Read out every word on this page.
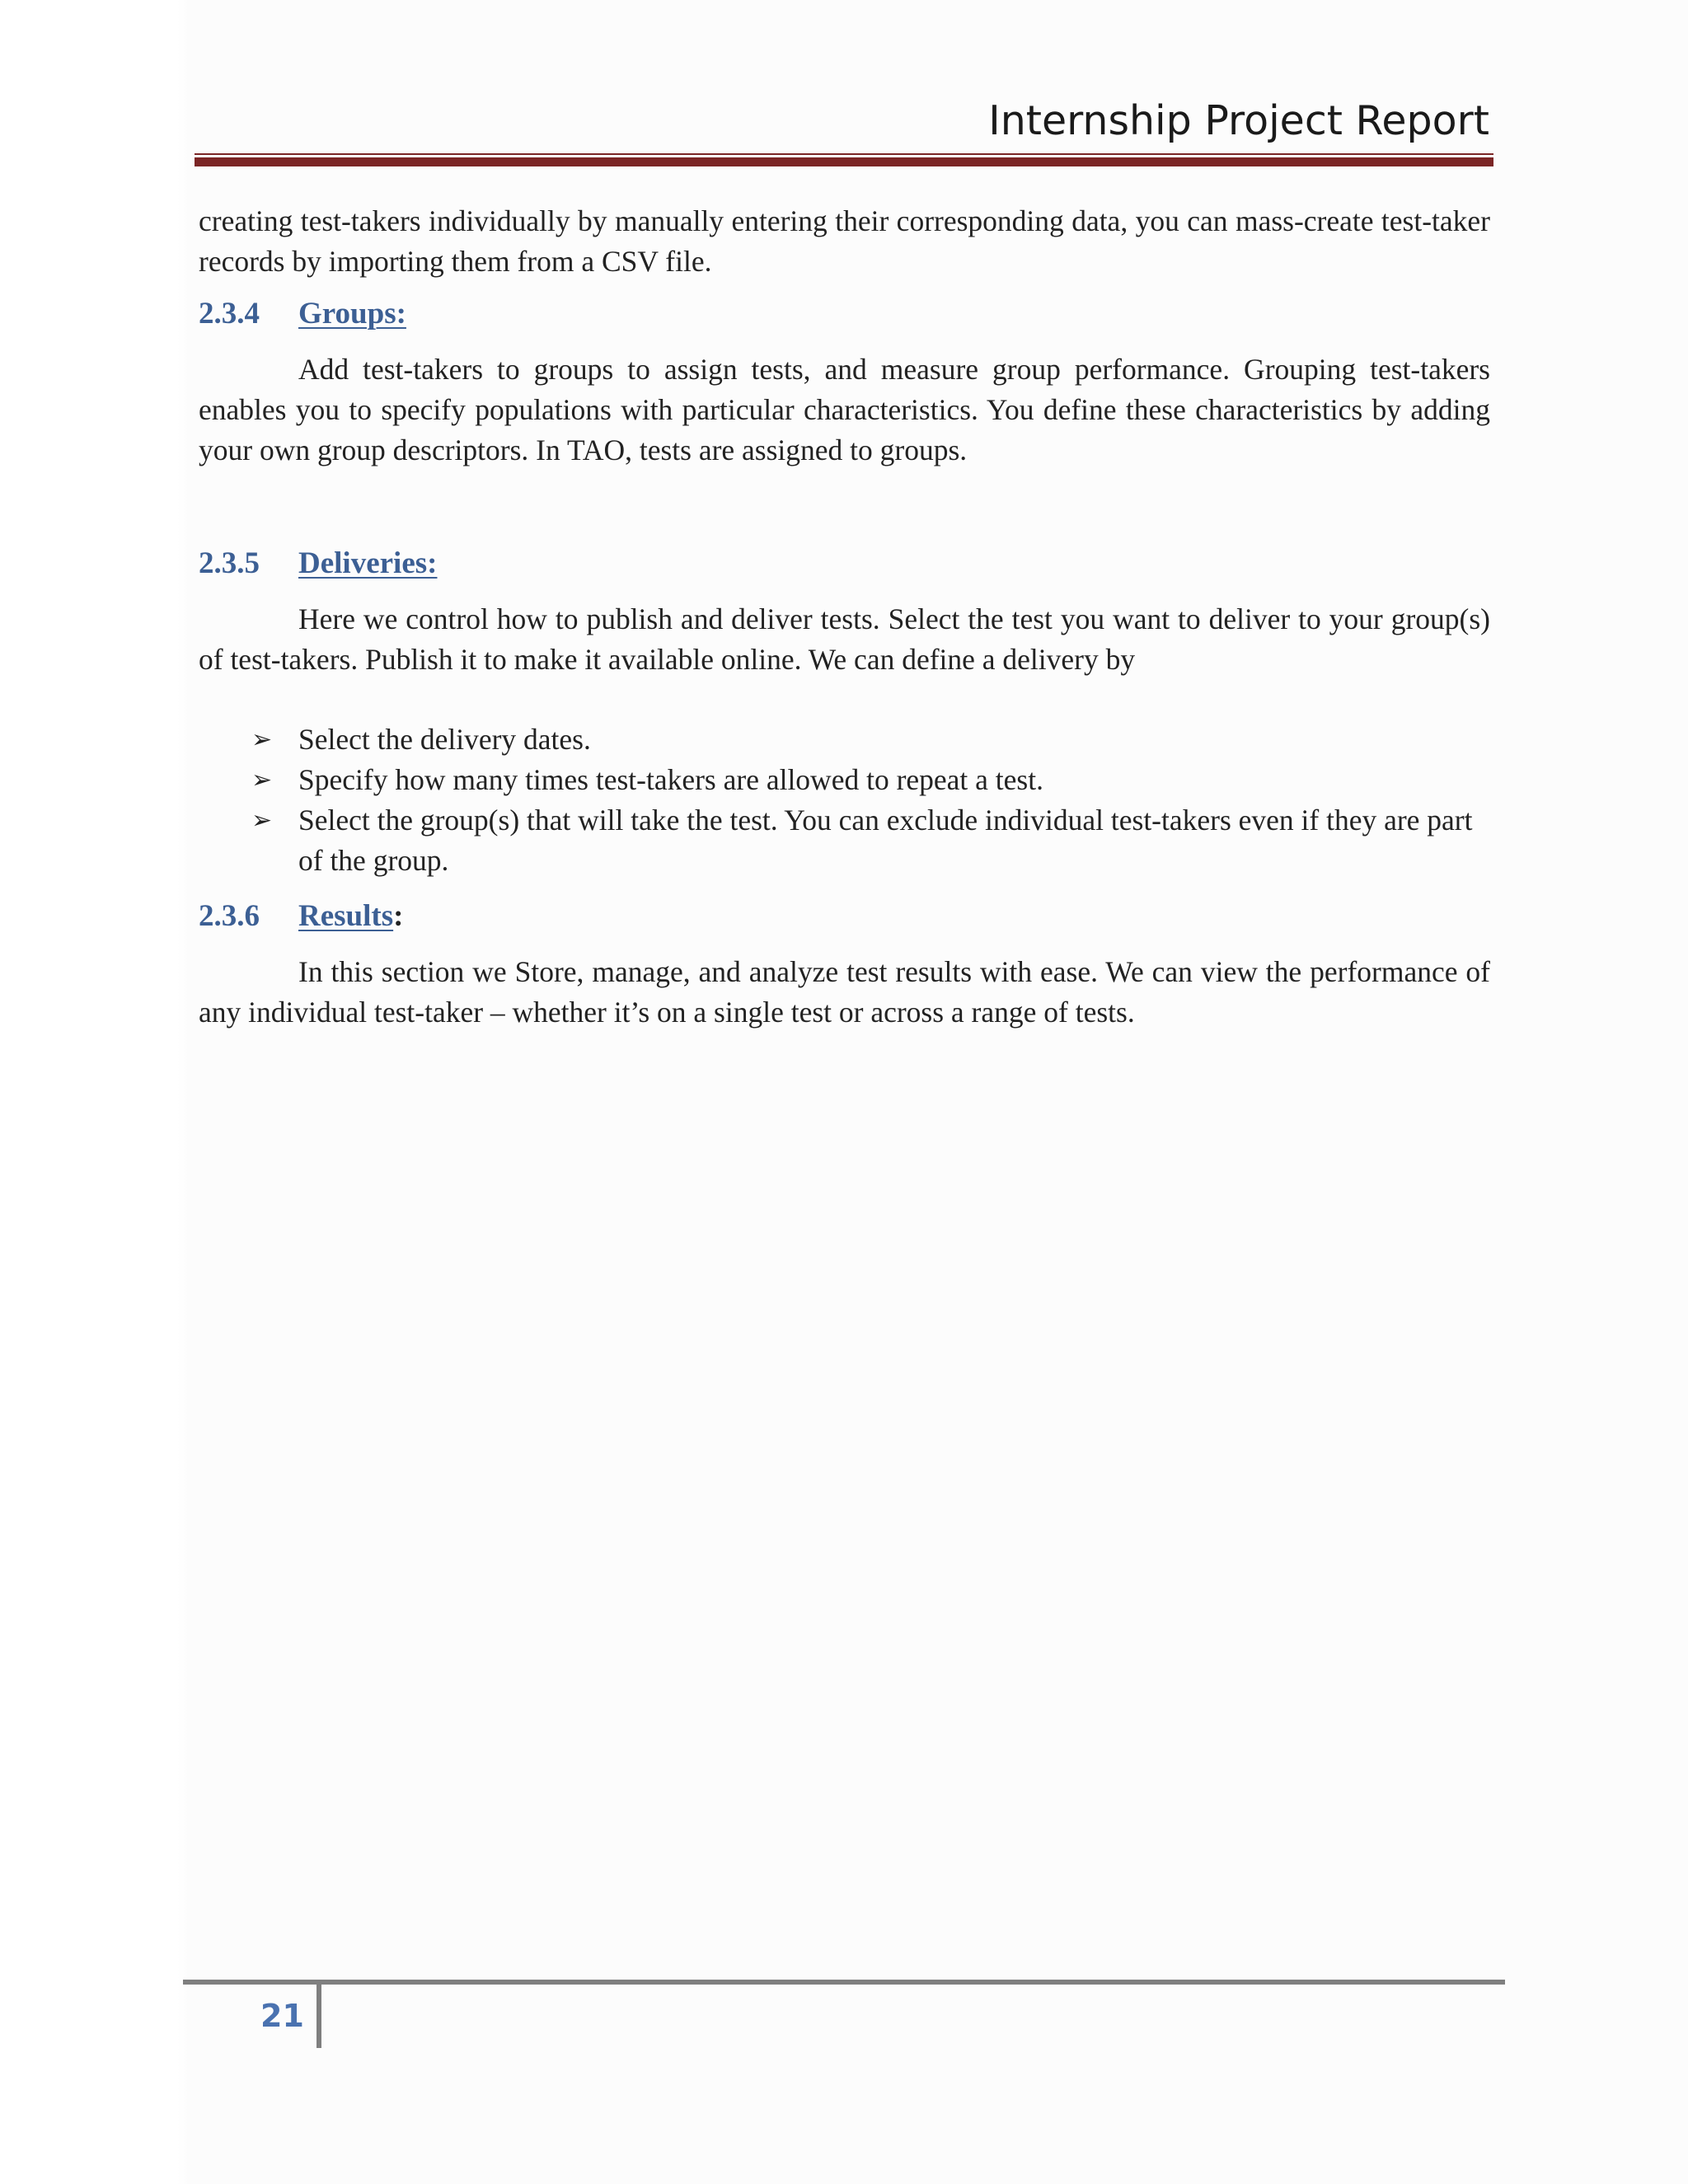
Internship Project Report

creating test-takers individually by manually entering their corresponding data, you can mass-create test-taker records by importing them from a CSV file.

2.3.4 Groups:

Add test-takers to groups to assign tests, and measure group performance. Grouping test-takers enables you to specify populations with particular characteristics. You define these characteristics by adding your own group descriptors. In TAO, tests are assigned to groups.

2.3.5 Deliveries:

Here we control how to publish and deliver tests. Select the test you want to deliver to your group(s) of test-takers. Publish it to make it available online. We can define a delivery by

➢ Select the delivery dates.
➢ Specify how many times test-takers are allowed to repeat a test.
➢ Select the group(s) that will take the test. You can exclude individual test-takers even if they are part of the group.
2.3.6 Results:

In this section we Store, manage, and analyze test results with ease. We can view the performance of any individual test-taker – whether it’s on a single test or across a range of tests.

21
